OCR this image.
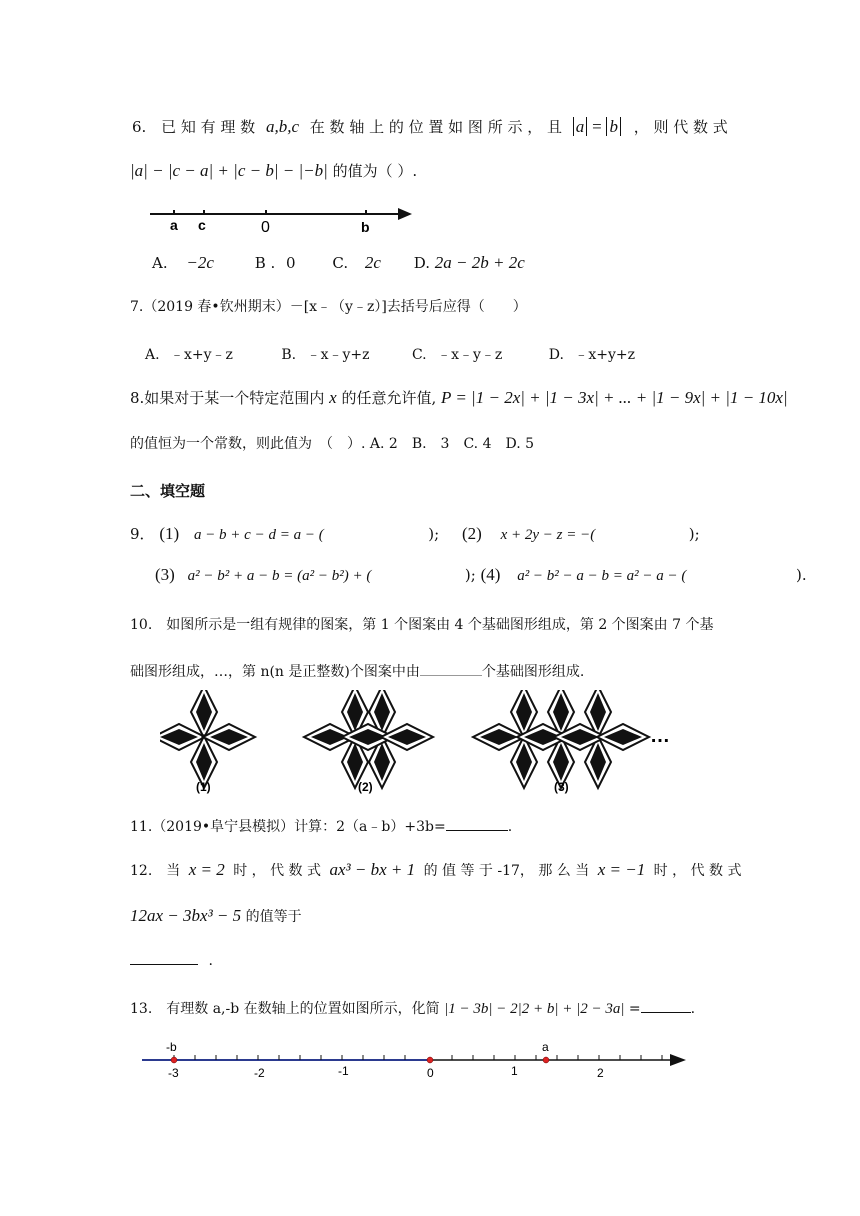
6. 已 知 有 理 数 a,b,c 在 数 轴 上 的 位 置 如 图 所 示 ， 且 a = b ， 则 代 数 式
|a| − |c − a| + |c − b| − |−b| 的值为（ ）.
a c	0	b
A. −2c	B . 0 C. 2c D. 2a − 2b + 2c
7.（2019 春•钦州期末）－[x﹣（y﹣z）]去括号后应得（　　）
A. ﹣x+y﹣z	B. ﹣x﹣y+z	C. ﹣x﹣y﹣z	D. ﹣x+y+z
8.如果对于某一个特定范围内 x 的任意允许值, P = |1 − 2x| + |1 − 3x| + ... + |1 − 9x| + |1 − 10x|
的值恒为一个常数，则此值为　（　）. A. 2　B.　3　C. 4　D. 5
二、填空题
9． (1) a − b + c − d = a − (	); (2) x + 2y − z = −(	);
(3) a² − b² + a − b = (a² − b²) + (	); (4) a² − b² − a − b = a² − a − (	).
10.　如图所示是一组有规律的图案，第 1 个图案由 4 个基础图形组成，第 2 个图案由 7 个基
础图形组成，…，第 n(n 是正整数)个图案中由	个基础图形组成.
…
(1)	(2)	(3)
11.（2019•阜宁县模拟）计算：2（a﹣b）+3b=	.
12.　当 x = 2 时 ， 代 数 式 ax³ − bx + 1 的 值 等 于 -17， 那 么 当 x = −1 时 ， 代 数 式
12ax − 3bx³ − 5 的值等于
.
13.　有理数 a,-b 在数轴上的位置如图所示，化简 |1 − 3b| − 2|2 + b| + |2 − 3a| =	.
-b	a
-3	-2	-1	0	1	2
